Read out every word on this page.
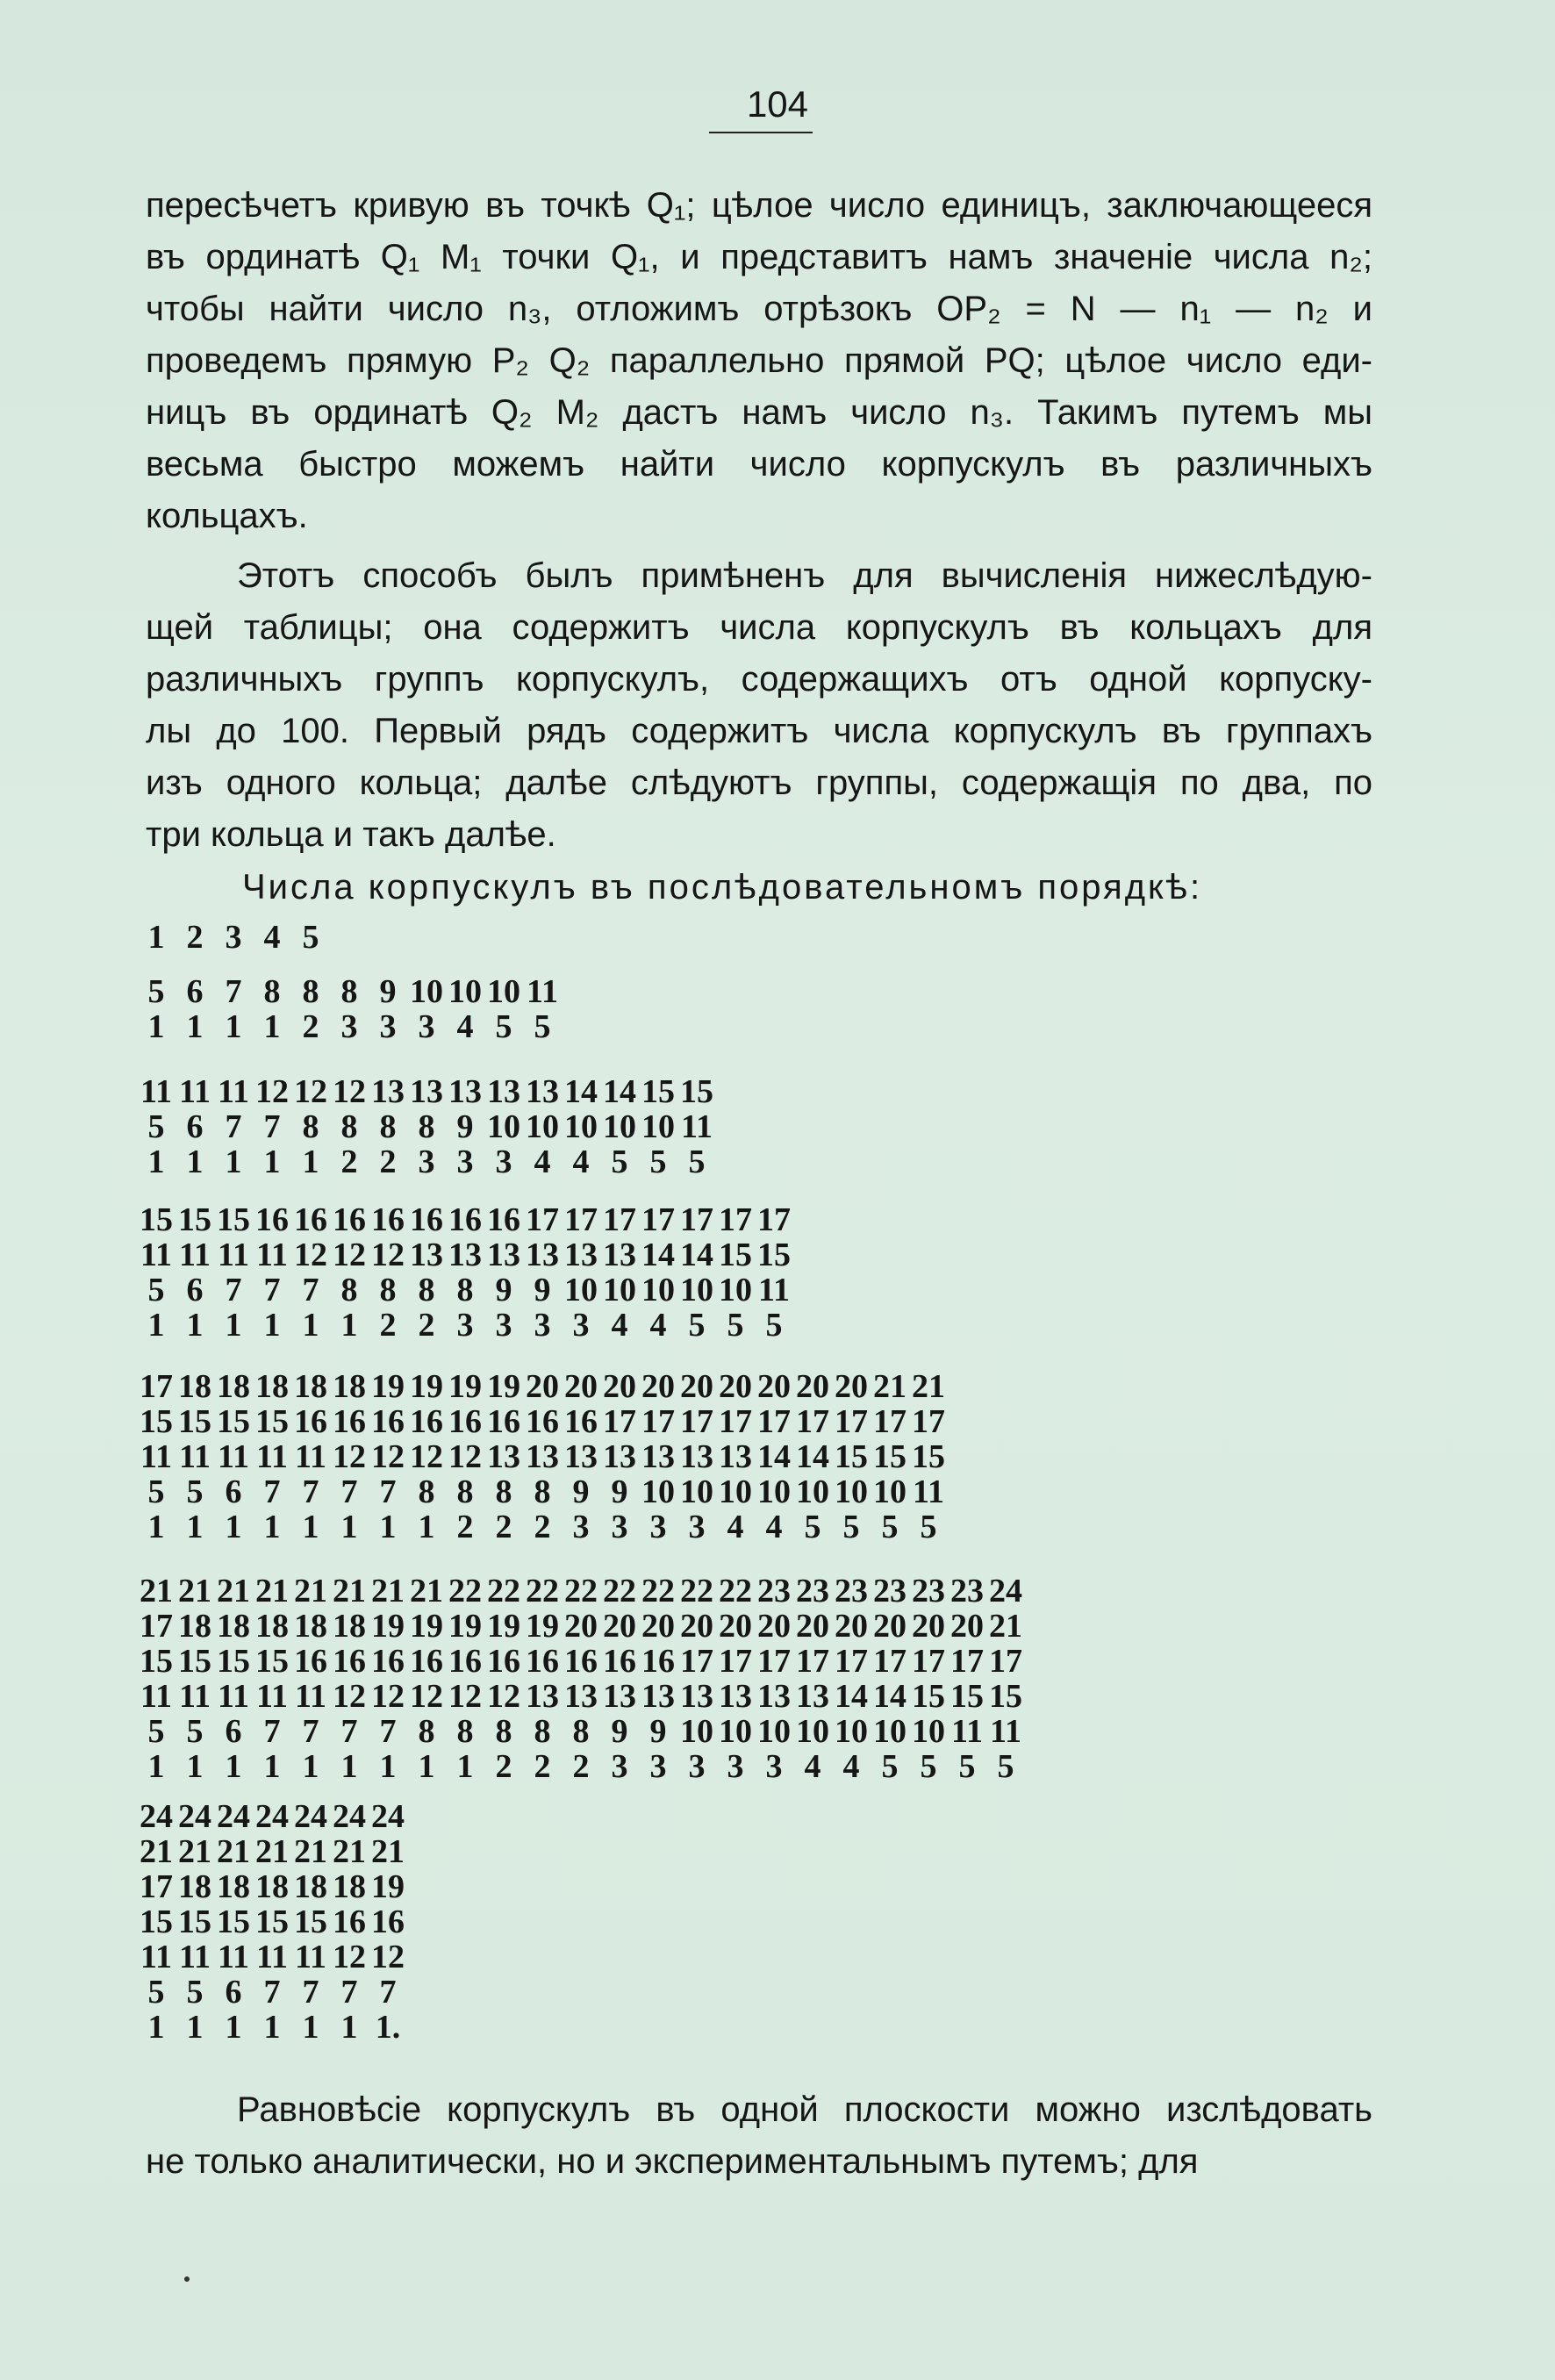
104
пересѣчетъ кривую въ точкѣ Q₁; цѣлое число единицъ, заключающееся
въ ординатѣ Q₁ M₁ точки Q₁, и представитъ намъ значенiе числа n₂;
чтобы найти число n₃, отложимъ отрѣзокъ OP₂ = N — n₁ — n₂ и
проведемъ прямую P₂ Q₂ параллельно прямой PQ; цѣлое число еди-
ницъ въ ординатѣ Q₂ M₂ дастъ намъ число n₃. Такимъ путемъ мы
весьма быстро можемъ найти число корпускулъ въ различныхъ
кольцахъ.
Этотъ способъ былъ примѣненъ для вычисленiя нижеслѣдую-
щей таблицы; она содержитъ числа корпускулъ въ кольцахъ для
различныхъ группъ корпускулъ, содержащихъ отъ одной корпуску-
лы до 100. Первый рядъ содержитъ числа корпускулъ въ группахъ
изъ одного кольца; далѣе слѣдуютъ группы, содержащiя по два, по
три кольца и такъ далѣе.
Числа корпускулъ въ послѣдовательномъ порядкѣ:
1 2 3 4 5
5 6 7 8 8 8 9 10 10 10 11
1 1 1 1 2 3 3 3 4 5 5
11 11 11 12 12 12 13 13 13 13 13 14 14 15 15
5 6 7 7 8 8 8 8 9 10 10 10 10 10 11
1 1 1 1 1 2 2 3 3 3 4 4 5 5 5
15 15 15 16 16 16 16 16 16 16 17 17 17 17 17 17 17
11 11 11 11 12 12 12 13 13 13 13 13 13 14 14 15 15
5 6 7 7 7 8 8 8 8 9 9 10 10 10 10 10 11
1 1 1 1 1 1 2 2 3 3 3 3 4 4 5 5 5
17 18 18 18 18 18 19 19 19 19 20 20 20 20 20 20 20 20 20 21 21
15 15 15 15 16 16 16 16 16 16 16 16 17 17 17 17 17 17 17 17 17
11 11 11 11 11 12 12 12 12 13 13 13 13 13 13 13 14 14 15 15 15
5 5 6 7 7 7 7 8 8 8 8 9 9 10 10 10 10 10 10 10 11
1 1 1 1 1 1 1 1 2 2 2 3 3 3 3 4 4 5 5 5 5
21 21 21 21 21 21 21 21 22 22 22 22 22 22 22 22 23 23 23 23 23 23 24
17 18 18 18 18 18 19 19 19 19 19 20 20 20 20 20 20 20 20 20 20 20 21
15 15 15 15 16 16 16 16 16 16 16 16 16 16 17 17 17 17 17 17 17 17 17
11 11 11 11 11 12 12 12 12 12 13 13 13 13 13 13 13 13 14 14 15 15 15
5 5 6 7 7 7 7 8 8 8 8 8 9 9 10 10 10 10 10 10 10 11 11
1 1 1 1 1 1 1 1 1 2 2 2 3 3 3 3 3 4 4 5 5 5 5
24 24 24 24 24 24 24
21 21 21 21 21 21 21
17 18 18 18 18 18 19
15 15 15 15 15 16 16
11 11 11 11 11 12 12
5 5 6 7 7 7 7
1 1 1 1 1 1 1.
Равновѣсiе корпускулъ въ одной плоскости можно изслѣдовать
не только аналитически, но и экспериментальнымъ путемъ; для
